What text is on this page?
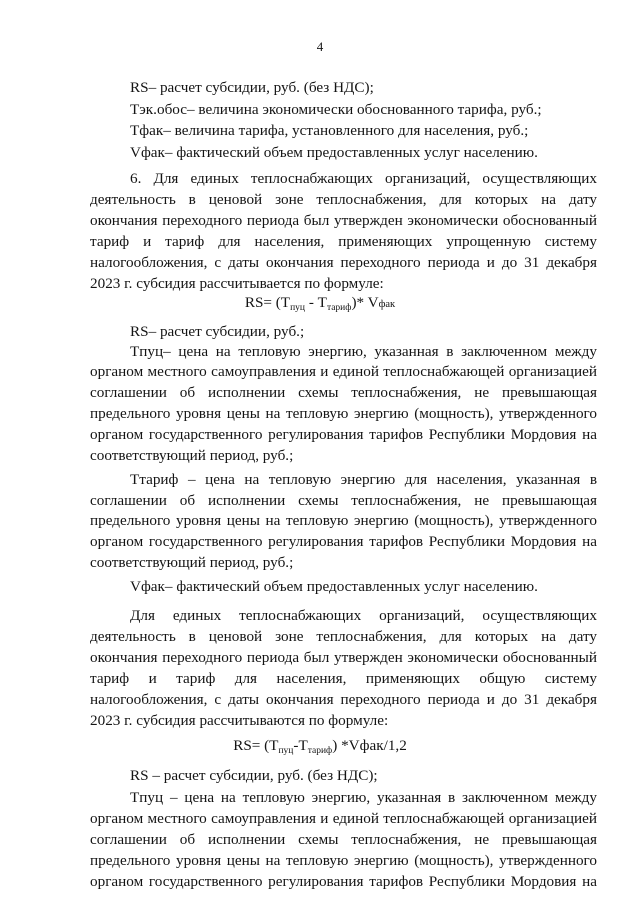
4
RS– расчет субсидии, руб. (без НДС);
Tэк.обос– величина экономически обоснованного тарифа, руб.;
Tфак– величина тарифа, установленного для населения, руб.;
Vфак– фактический объем предоставленных услуг населению.
6. Для единых теплоснабжающих организаций, осуществляющих
деятельность в ценовой зоне теплоснабжения, для которых на дату
окончания переходного периода был утвержден экономически обоснованный
тариф и тариф для населения, применяющих упрощенную систему
налогообложения, с даты окончания переходного периода и до 31 декабря
2023 г. субсидия рассчитывается по формуле:
$RS= (T_{пуц} - T_{тариф})*$ Vфак
RS– расчет субсидии, руб.;
Tпуц– цена на тепловую энергию, указанная в заключенном между
органом местного самоуправления и единой теплоснабжающей организацией
соглашении об исполнении схемы теплоснабжения, не превышающая
предельного уровня цены на тепловую энергию (мощность), утвержденного
органом государственного регулирования тарифов Республики Мордовия на
соответствующий период, руб.;
Tтариф – цена на тепловую энергию для населения, указанная в
соглашении об исполнении схемы теплоснабжения, не превышающая
предельного уровня цены на тепловую энергию (мощность), утвержденного
органом государственного регулирования тарифов Республики Мордовия на
соответствующий период, руб.;
Vфак– фактический объем предоставленных услуг населению.
Для единых теплоснабжающих организаций, осуществляющих
деятельность в ценовой зоне теплоснабжения, для которых на дату
окончания переходного периода был утвержден экономически обоснованный
тариф и тариф для населения, применяющих общую систему
налогообложения, с даты окончания переходного периода и до 31 декабря
2023 г. субсидия рассчитываются по формуле:
$RS= (T_{пуц}-T_{тариф})$ *Vфак/1,2
RS – расчет субсидии, руб. (без НДС);
Tпуц – цена на тепловую энергию, указанная в заключенном между
органом местного самоуправления и единой теплоснабжающей организацией
соглашении об исполнении схемы теплоснабжения, не превышающая
предельного уровня цены на тепловую энергию (мощность), утвержденного
органом государственного регулирования тарифов Республики Мордовия на
